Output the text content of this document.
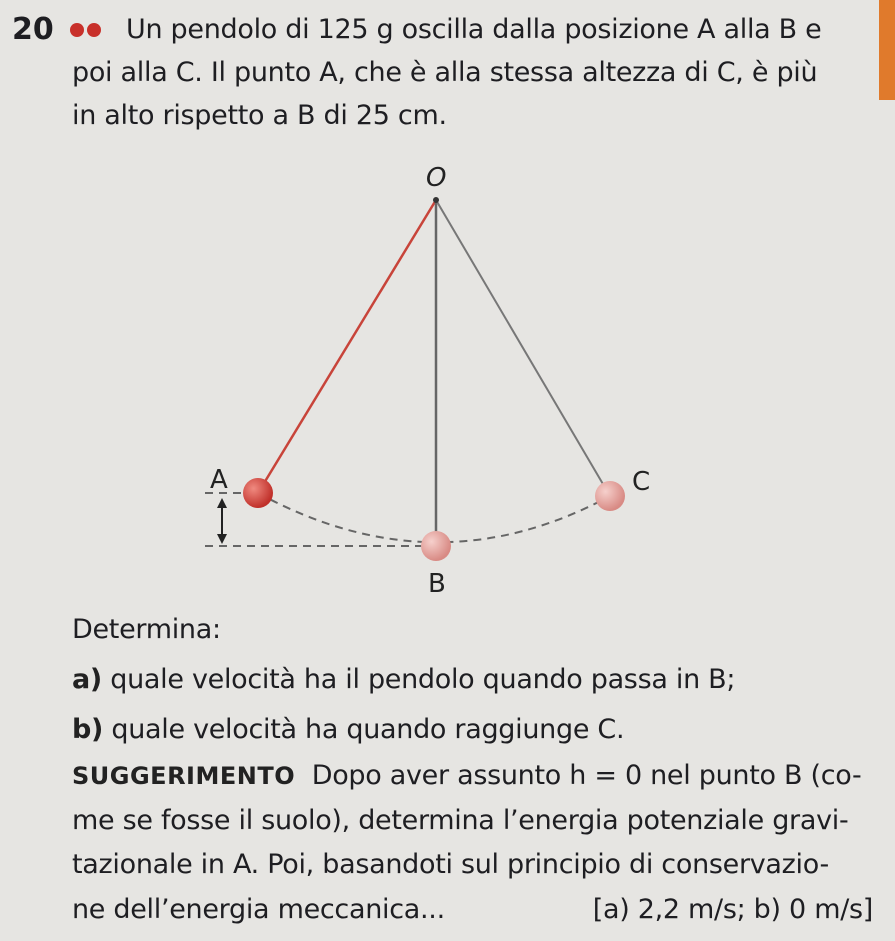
20	Un pendolo di 125 g oscilla dalla posizione A alla B e
poi alla C. Il punto A, che è alla stessa altezza di C, è più
in alto rispetto a B di 25 cm.
O
A
B
C
Determina:
a) quale velocità ha il pendolo quando passa in B;
b) quale velocità ha quando raggiunge C.
SUGGERIMENTO Dopo aver assunto h = 0 nel punto B (co-
me se fosse il suolo), determina l’energia potenziale gravi-
tazionale in A. Poi, basandoti sul principio di conservazio-
ne dell’energia meccanica...	[a) 2,2 m/s; b) 0 m/s]
